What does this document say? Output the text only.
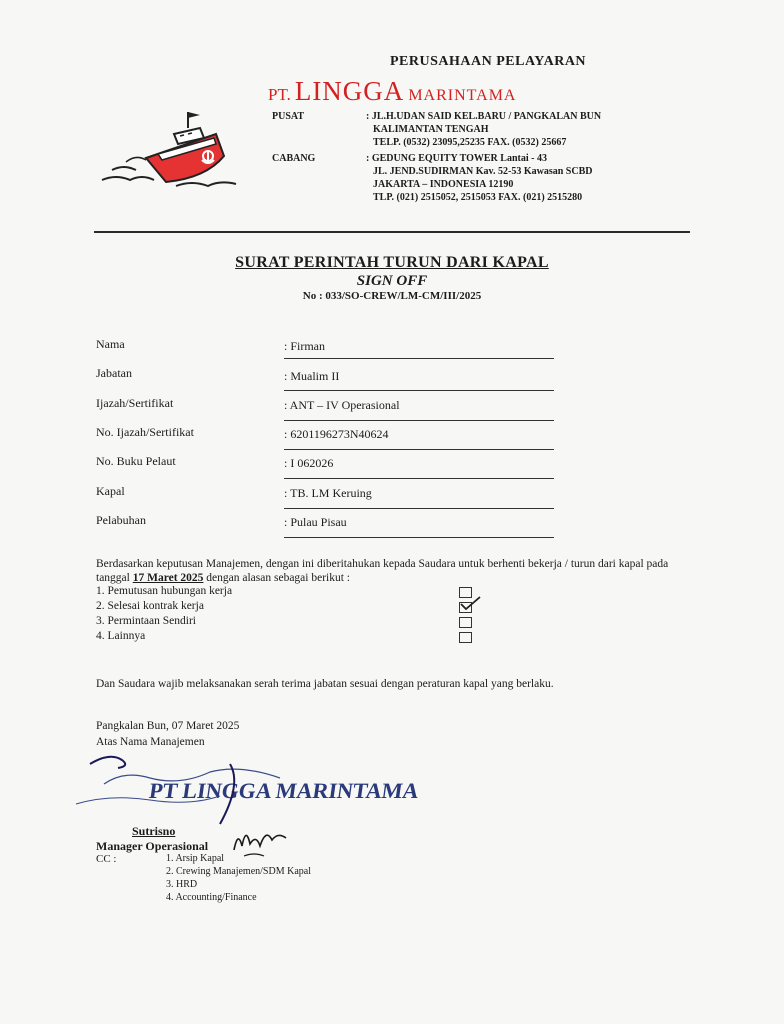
PERUSAHAAN PELAYARAN
PT. LINGGA MARINTAMA
PUSAT	: JL.H.UDAN SAID KEL.BARU / PANGKALAN BUN
KALIMANTAN TENGAH
TELP. (0532) 23095,25235 FAX. (0532) 25667
CABANG	: GEDUNG EQUITY TOWER Lantai - 43
JL. JEND.SUDIRMAN Kav. 52-53 Kawasan SCBD
JAKARTA – INDONESIA 12190
TLP. (021) 2515052, 2515053 FAX. (021) 2515280
SURAT PERINTAH TURUN DARI KAPAL
SIGN OFF
No : 033/SO-CREW/LM-CM/III/2025
Nama	: Firman
Jabatan	: Mualim II
Ijazah/Sertifikat	: ANT – IV Operasional
No. Ijazah/Sertifikat	: 6201196273N40624
No. Buku Pelaut	: I 062026
Kapal	: TB. LM Keruing
Pelabuhan	: Pulau Pisau
Berdasarkan keputusan Manajemen, dengan ini diberitahukan kepada Saudara untuk berhenti bekerja / turun dari kapal pada tanggal 17 Maret 2025 dengan alasan sebagai berikut :
1. Pemutusan hubungan kerja
2. Selesai kontrak kerja
3. Permintaan Sendiri
4. Lainnya
Dan Saudara wajib melaksanakan serah terima jabatan sesuai dengan peraturan kapal yang berlaku.
Pangkalan Bun, 07 Maret 2025
Atas Nama Manajemen
PT LINGGA MARINTAMA
Sutrisno
Manager Operasional
CC :	1. Arsip Kapal
2. Crewing Manajemen/SDM Kapal
3. HRD
4. Accounting/Finance
